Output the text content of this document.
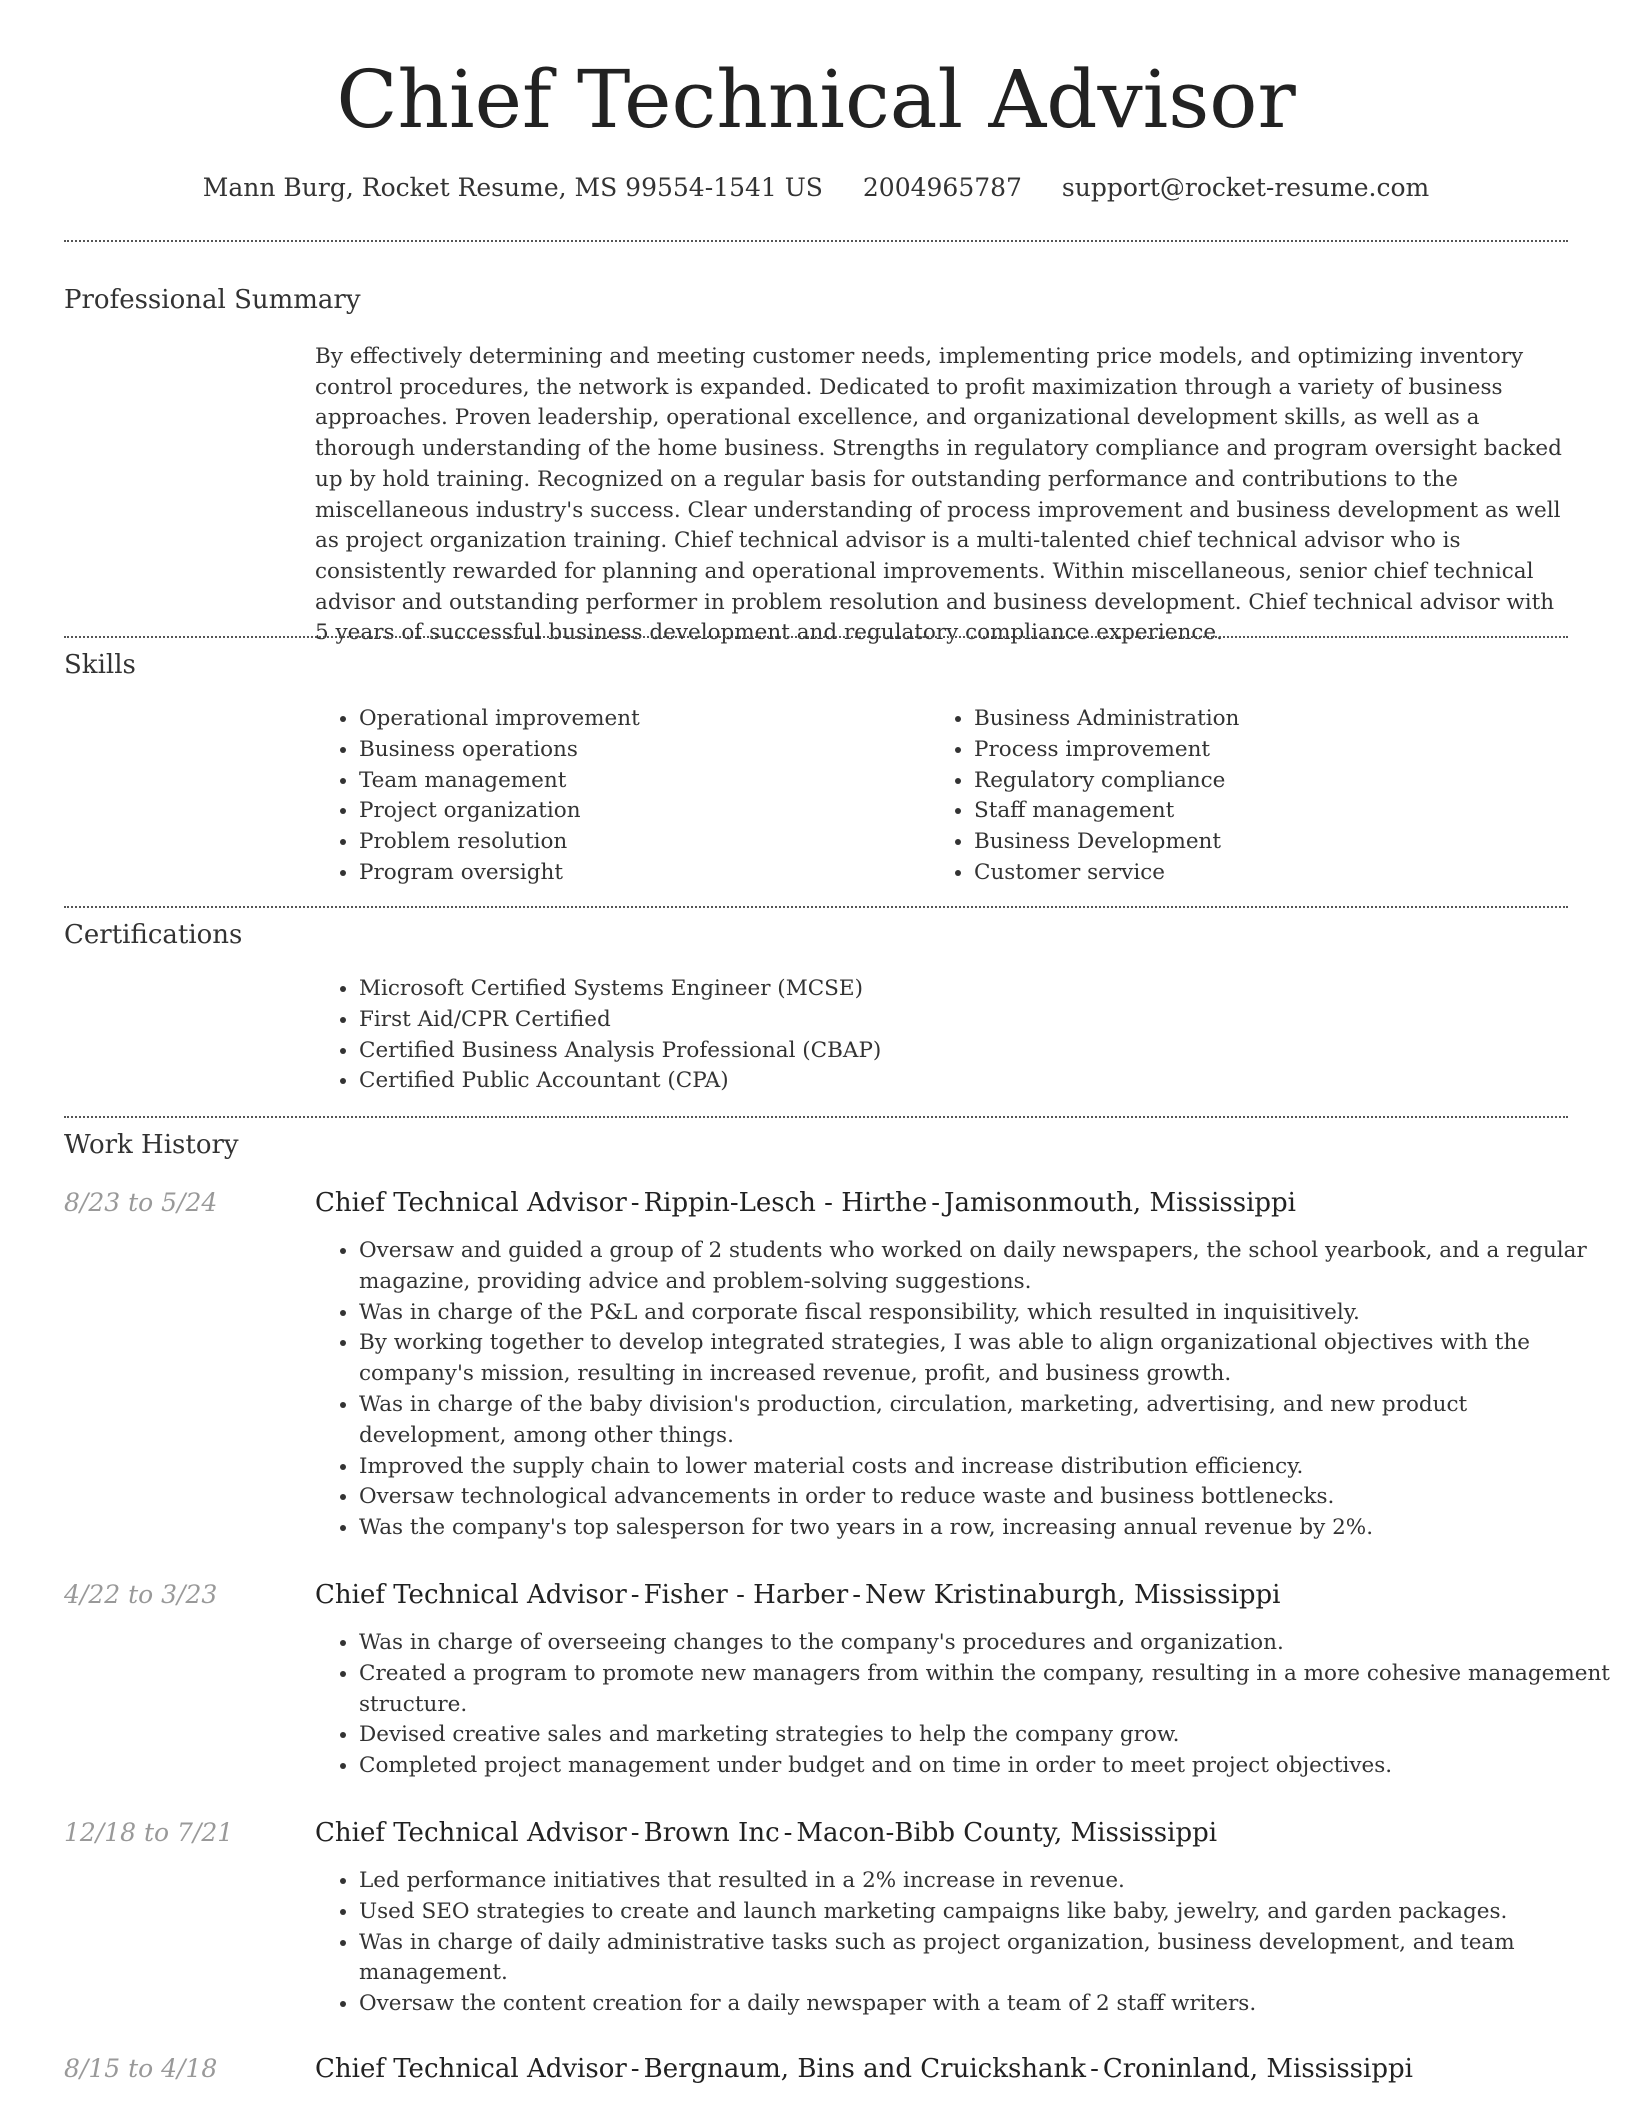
Chief Technical Advisor
Mann Burg, Rocket Resume, MS 99554-1541 US 2004965787 support@rocket-resume.com
Professional Summary

By effectively determining and meeting customer needs, implementing price models, and optimizing inventory control procedures, the network is expanded. Dedicated to profit maximization through a variety of business approaches. Proven leadership, operational excellence, and organizational development skills, as well as a thorough understanding of the home business. Strengths in regulatory compliance and program oversight backed up by hold training. Recognized on a regular basis for outstanding performance and contributions to the miscellaneous industry's success. Clear understanding of process improvement and business development as well as project organization training. Chief technical advisor is a multi-talented chief technical advisor who is consistently rewarded for planning and operational improvements. Within miscellaneous, senior chief technical advisor and outstanding performer in problem resolution and business development. Chief technical advisor with 5 years of successful business development and regulatory compliance experience.

Skills
• Operational improvement
• Business operations
• Team management
• Project organization
• Problem resolution
• Program oversight
• Business Administration
• Process improvement
• Regulatory compliance
• Staff management
• Business Development
• Customer service
Certifications
• Microsoft Certified Systems Engineer (MCSE)
• First Aid/CPR Certified
• Certified Business Analysis Professional (CBAP)
• Certified Public Accountant (CPA)
Work History
8/23 to 5/24	Chief Technical Advisor - Rippin-Lesch - Hirthe - Jamisonmouth, Mississippi
• Oversaw and guided a group of 2 students who worked on daily newspapers, the school yearbook, and a regular magazine, providing advice and problem-solving suggestions.
• Was in charge of the P&L and corporate fiscal responsibility, which resulted in inquisitively.
• By working together to develop integrated strategies, I was able to align organizational objectives with the company's mission, resulting in increased revenue, profit, and business growth.
• Was in charge of the baby division's production, circulation, marketing, advertising, and new product development, among other things.
• Improved the supply chain to lower material costs and increase distribution efficiency.
• Oversaw technological advancements in order to reduce waste and business bottlenecks.
• Was the company's top salesperson for two years in a row, increasing annual revenue by 2%.
4/22 to 3/23	Chief Technical Advisor - Fisher - Harber - New Kristinaburgh, Mississippi
• Was in charge of overseeing changes to the company's procedures and organization.
• Created a program to promote new managers from within the company, resulting in a more cohesive management structure.
• Devised creative sales and marketing strategies to help the company grow.
• Completed project management under budget and on time in order to meet project objectives.
12/18 to 7/21	Chief Technical Advisor - Brown Inc - Macon-Bibb County, Mississippi
• Led performance initiatives that resulted in a 2% increase in revenue.
• Used SEO strategies to create and launch marketing campaigns like baby, jewelry, and garden packages.
• Was in charge of daily administrative tasks such as project organization, business development, and team management.
• Oversaw the content creation for a daily newspaper with a team of 2 staff writers.
8/15 to 4/18	Chief Technical Advisor - Bergnaum, Bins and Cruickshank - Croninland, Mississippi
